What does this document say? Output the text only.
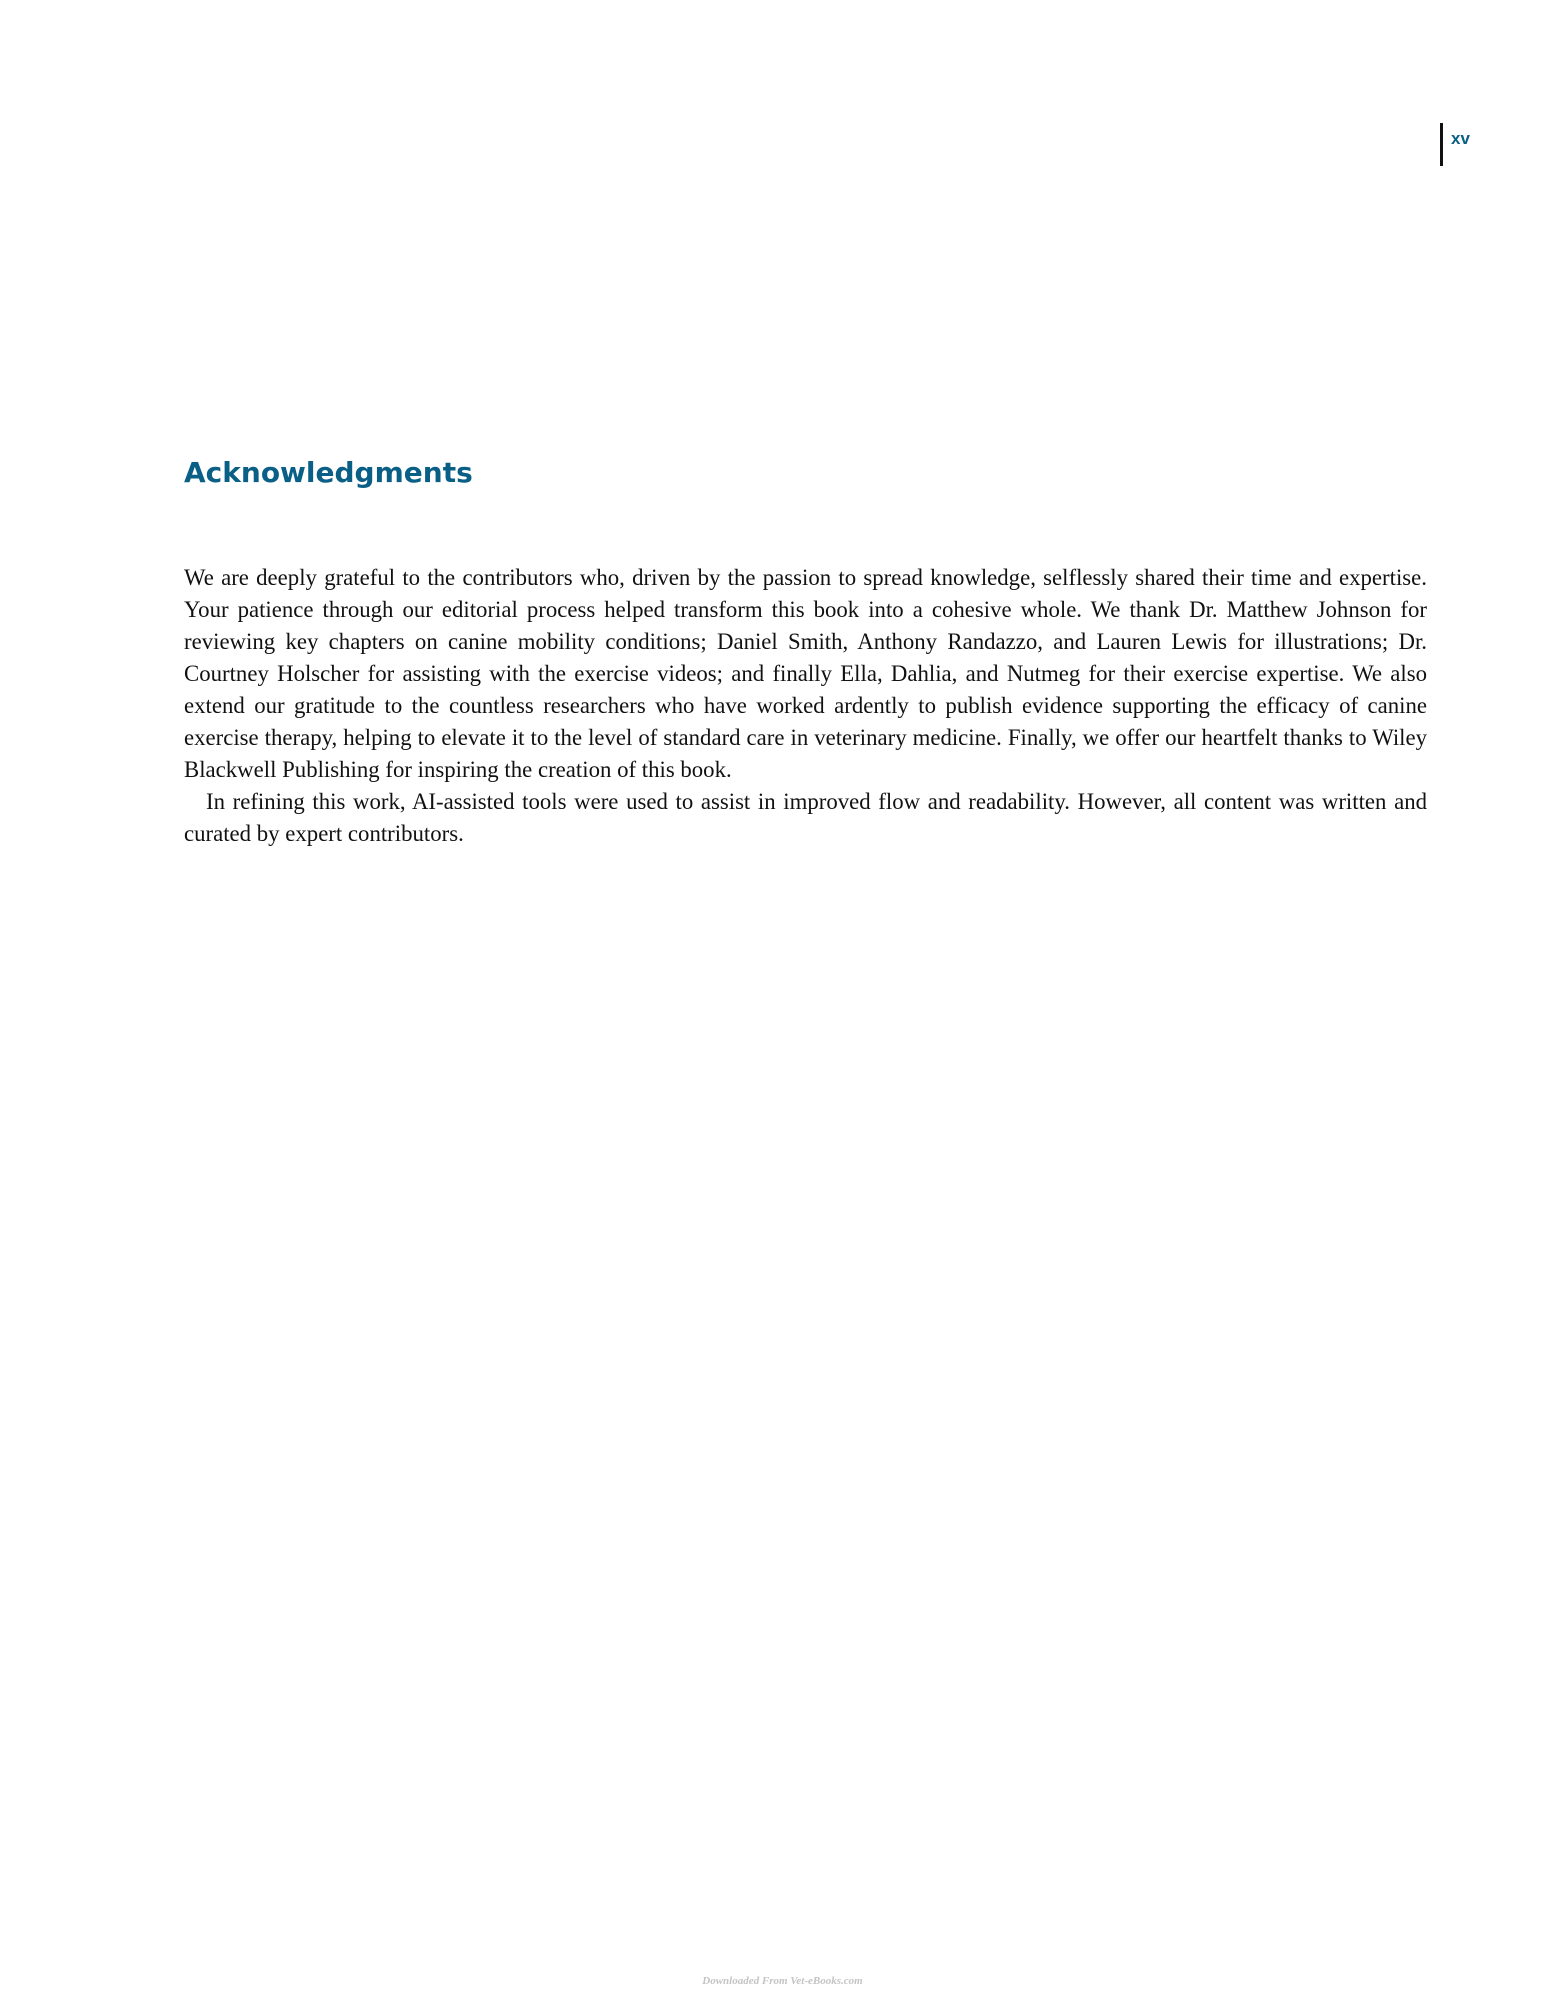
xv
Acknowledgments

We are deeply grateful to the contributors who, driven by the passion to spread knowledge, selflessly shared their time and expertise. Your patience through our editorial process helped transform this book into a cohesive whole. We thank Dr. Matthew Johnson for reviewing key chapters on canine mobility conditions; Daniel Smith, Anthony Randazzo, and Lauren Lewis for illustrations; Dr. Courtney Holscher for assisting with the exercise videos; and finally Ella, Dahlia, and Nutmeg for their exercise expertise. We also extend our gratitude to the countless researchers who have worked ardently to publish evidence supporting the efficacy of canine exercise therapy, helping to elevate it to the level of standard care in veterinary medicine. Finally, we offer our heartfelt thanks to Wiley Blackwell Publishing for inspiring the creation of this book.

In refining this work, AI-assisted tools were used to assist in improved flow and readability. However, all content was written and curated by expert contributors.

Downloaded From Vet-eBooks.com
